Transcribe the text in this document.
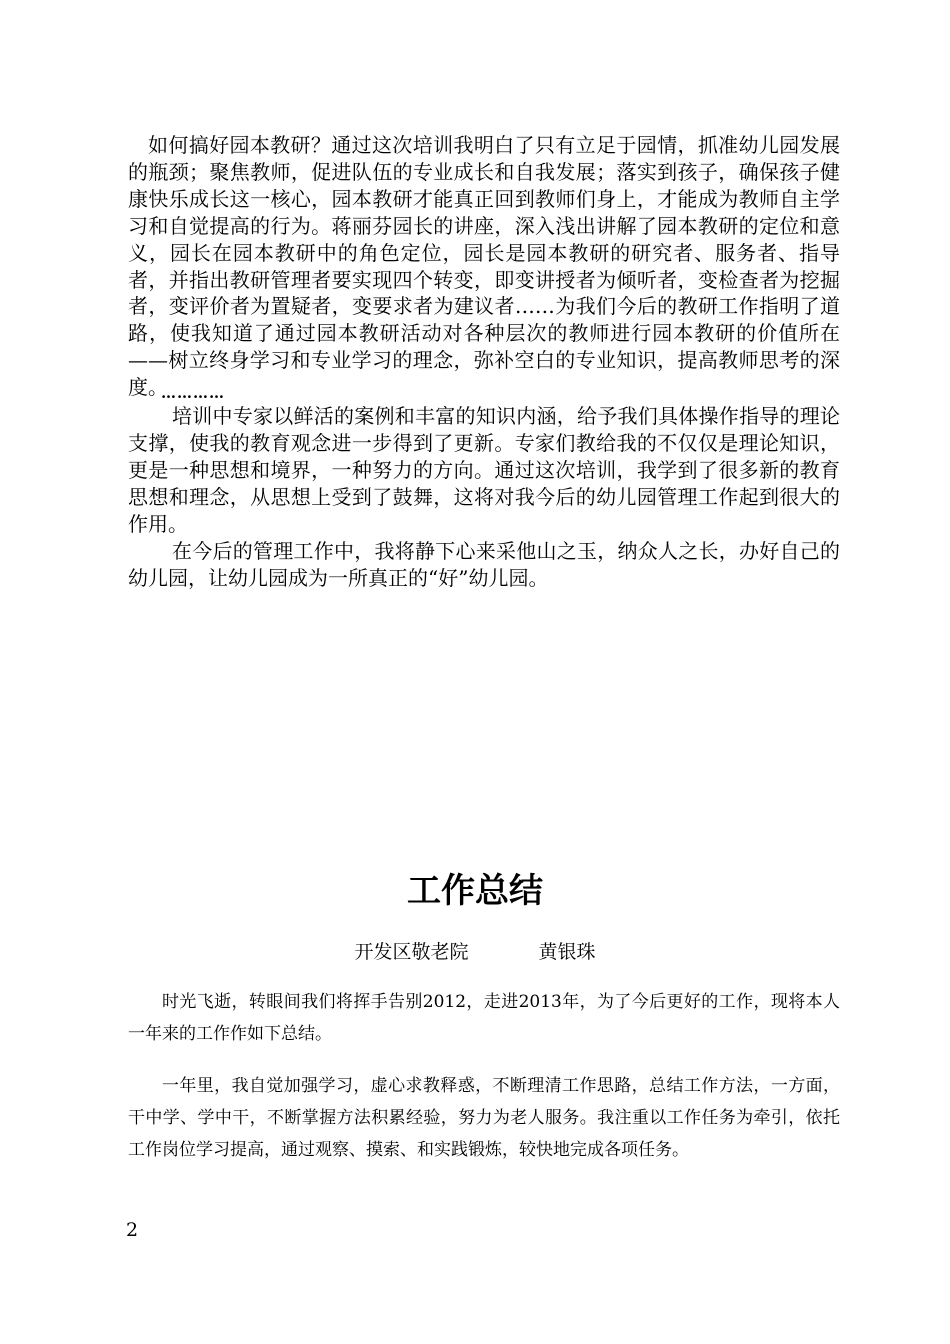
如何搞好园本教研？通过这次培训我明白了只有立足于园情，抓准幼儿园发展的瓶颈；聚焦教师，促进队伍的专业成长和自我发展；落实到孩子，确保孩子健康快乐成长这一核心，园本教研才能真正回到教师们身上，才能成为教师自主学习和自觉提高的行为。蒋丽芬园长的讲座，深入浅出讲解了园本教研的定位和意义，园长在园本教研中的角色定位，园长是园本教研的研究者、服务者、指导者，并指出教研管理者要实现四个转变，即变讲授者为倾听者，变检查者为挖掘者，变评价者为置疑者，变要求者为建议者……为我们今后的教研工作指明了道路，使我知道了通过园本教研活动对各种层次的教师进行园本教研的价值所在——树立终身学习和专业学习的理念，弥补空白的专业知识，提高教师思考的深度。

…………

培训中专家以鲜活的案例和丰富的知识内涵，给予我们具体操作指导的理论支撑，使我的教育观念进一步得到了更新。专家们教给我的不仅仅是理论知识，更是一种思想和境界，一种努力的方向。通过这次培训，我学到了很多新的教育思想和理念，从思想上受到了鼓舞，这将对我今后的幼儿园管理工作起到很大的作用。

在今后的管理工作中，我将静下心来采他山之玉，纳众人之长，办好自己的幼儿园，让幼儿园成为一所真正的“好”幼儿园。

工作总结
开发区敬老院	黄银珠

时光飞逝，转眼间我们将挥手告别2012，走进2013年，为了今后更好的工作，现将本人一年来的工作作如下总结。

一年里，我自觉加强学习，虚心求教释惑，不断理清工作思路，总结工作方法，一方面，干中学、学中干，不断掌握方法积累经验，努力为老人服务。我注重以工作任务为牵引，依托工作岗位学习提高，通过观察、摸索、和实践锻炼，较快地完成各项任务。

2
